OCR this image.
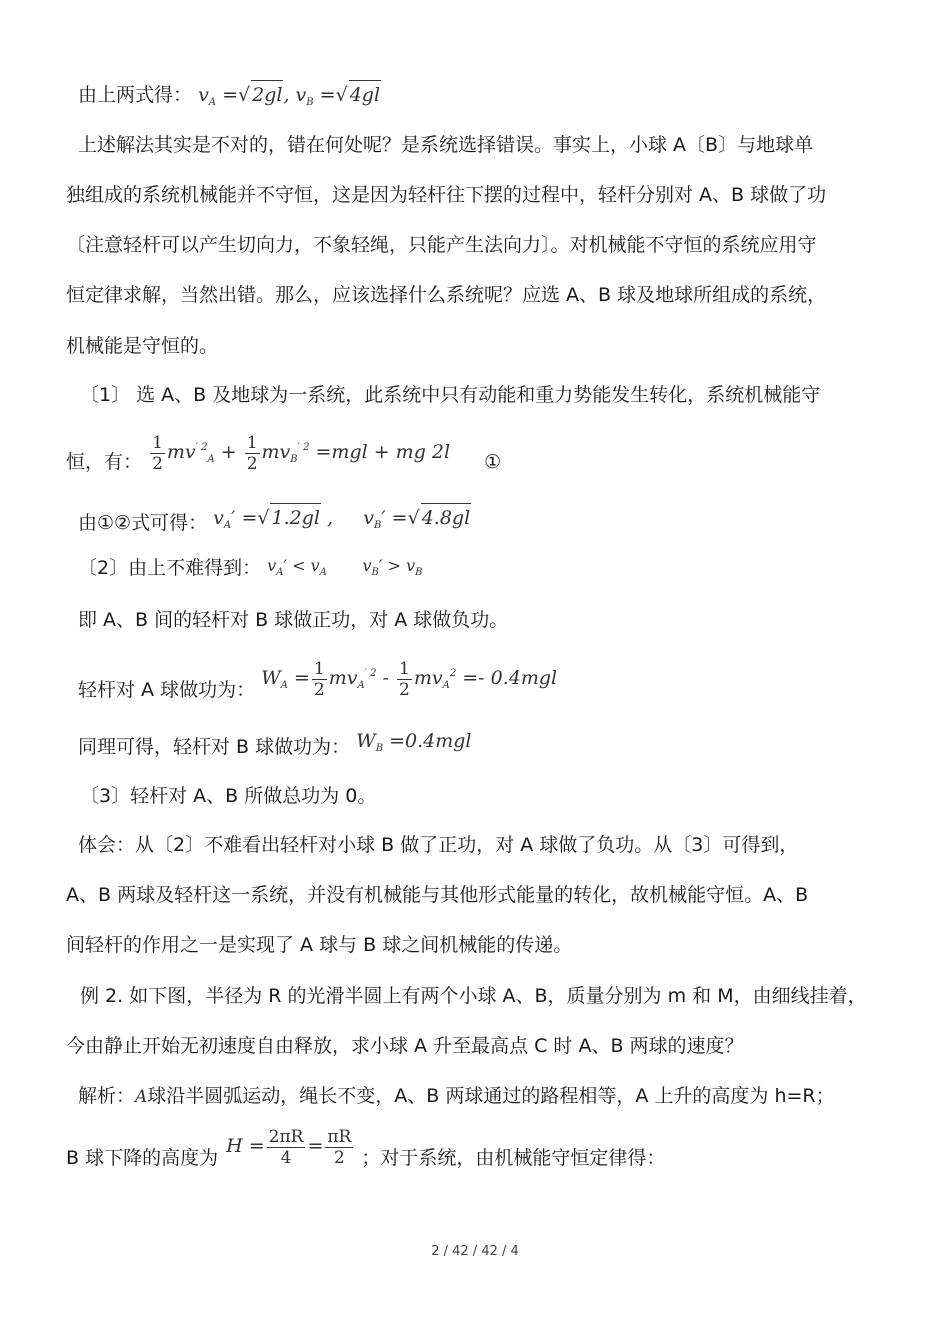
由上两式得： $v_A$ =√ 2gl, $v_B$ =√ 4gl
上述解法其实是不对的，错在何处呢？是系统选择错误。事实上，小球 A〔B〕与地球单
独组成的系统机械能并不守恒，这是因为轻杆往下摆的过程中，轻杆分别对 A、B 球做了功
〔注意轻杆可以产生切向力，不象轻绳，只能产生法向力〕。对机械能不守恒的系统应用守
恒定律求解，当然出错。那么，应该选择什么系统呢？应选 A、B 球及地球所组成的系统，
机械能是守恒的。
〔1〕 选 A、B 及地球为一系统，此系统中只有动能和重力势能发生转化，系统机械能守
恒，有： $\frac{1}{2} mv^{' 2}_A + \frac{1}{2} mv_B^{' 2} =mgl$ + mg 2l ①
由①②式可得： $v_A'$ =√ 1.2gl ,     $v_B'$ =√ 4.8gl
〔2〕由上不难得到： $v_A' < v_A$       $v_B' > v_B$
即 A、B 间的轻杆对 B 球做正功，对 A 球做负功。
轻杆对 A 球做功为： $W_A = \frac{1}{2} mv_A^{' 2} - \frac{1}{2} mv_A^2 =- 0.4mgl$
同理可得，轻杆对 B 球做功为： $W_B =0.4mgl$
〔3〕轻杆对 A、B 所做总功为 0。
体会：从〔2〕不难看出轻杆对小球 B 做了正功，对 A 球做了负功。从〔3〕可得到，
A、B 两球及轻杆这一系统，并没有机械能与其他形式能量的转化，故机械能守恒。A、B
间轻杆的作用之一是实现了 A 球与 B 球之间机械能的传递。
例 2. 如下图，半径为 R 的光滑半圆上有两个小球 A、B，质量分别为 m 和 M，由细线挂着，
今由静止开始无初速度自由释放，求小球 A 升至最高点 C 时 A、B 两球的速度？
解析：A球沿半圆弧运动，绳长不变，A、B 两球通过的路程相等，A 上升的高度为 h=R；
B 球下降的高度为 $H = \frac{2\pi R}{4} = \frac{\pi R}{2}$ ；对于系统，由机械能守恒定律得：
2 / 42 / 42 / 4
